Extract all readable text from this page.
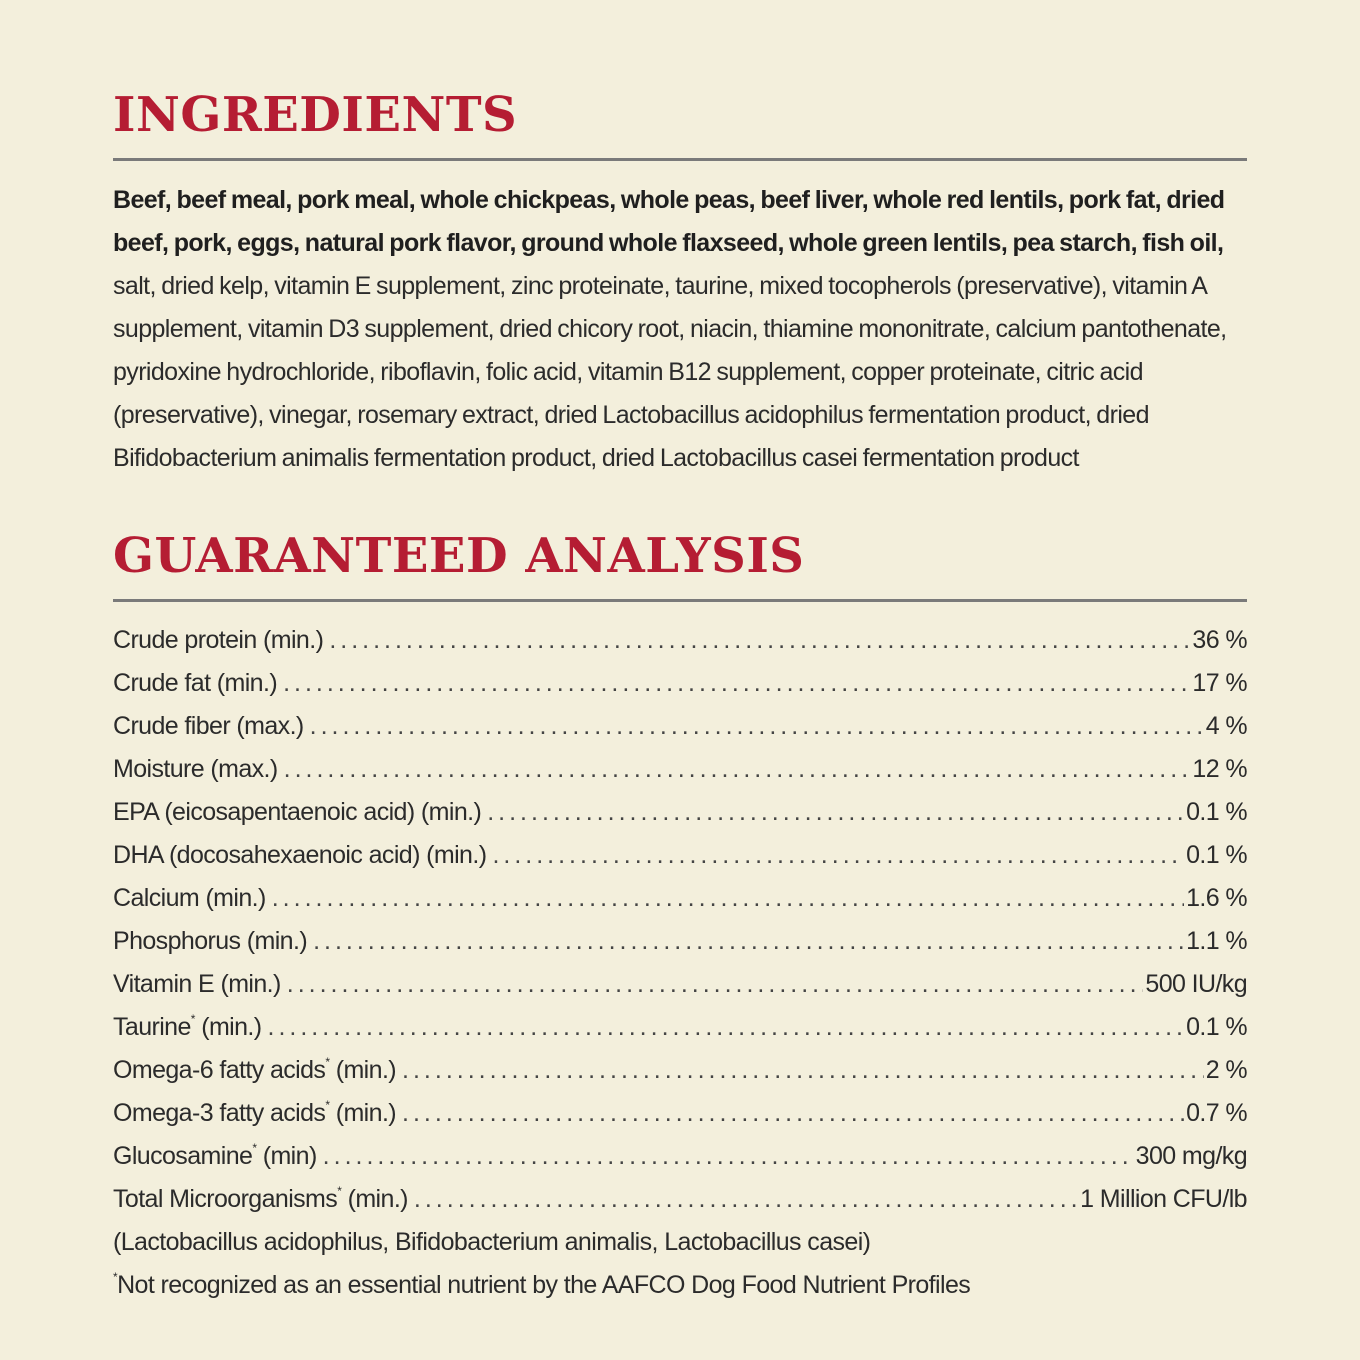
INGREDIENTS
Beef, beef meal, pork meal, whole chickpeas, whole peas, beef liver, whole red lentils, pork fat, dried beef, pork, eggs, natural pork flavor, ground whole flaxseed, whole green lentils, pea starch, fish oil, salt, dried kelp, vitamin E supplement, zinc proteinate, taurine, mixed tocopherols (preservative), vitamin A supplement, vitamin D3 supplement, dried chicory root, niacin, thiamine mononitrate, calcium pantothenate, pyridoxine hydrochloride, riboflavin, folic acid, vitamin B12 supplement, copper proteinate, citric acid (preservative), vinegar, rosemary extract, dried Lactobacillus acidophilus fermentation product, dried Bifidobacterium animalis fermentation product, dried Lactobacillus casei fermentation product
GUARANTEED ANALYSIS
Crude protein (min.) .....	36 %
Crude fat (min.) .....	17 %
Crude fiber (max.) .....	4 %
Moisture (max.) .....	12 %
EPA (eicosapentaenoic acid) (min.) .....	0.1 %
DHA (docosahexaenoic acid) (min.) .....	0.1 %
Calcium (min.) .....	1.6 %
Phosphorus (min.) .....	1.1 %
Vitamin E (min.) .....	500 IU/kg
Taurine* (min.) .....	0.1 %
Omega-6 fatty acids* (min.) .....	2 %
Omega-3 fatty acids* (min.) .....	0.7 %
Glucosamine* (min) .....	300 mg/kg
Total Microorganisms* (min.) .....	1 Million CFU/lb
(Lactobacillus acidophilus, Bifidobacterium animalis, Lactobacillus casei)
*Not recognized as an essential nutrient by the AAFCO Dog Food Nutrient Profiles
